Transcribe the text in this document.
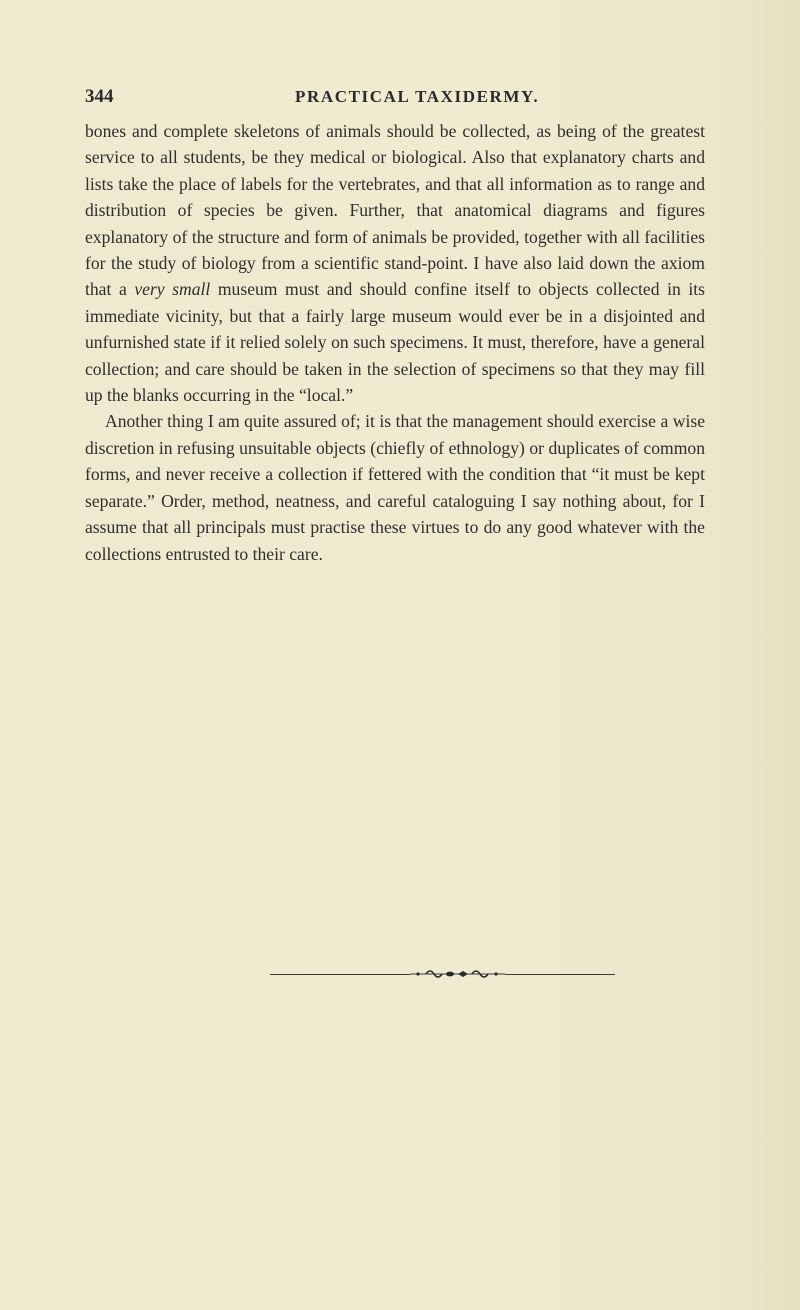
344	PRACTICAL TAXIDERMY.

bones and complete skeletons of animals should be collected, as being of the greatest service to all students, be they medical or biological. Also that explanatory charts and lists take the place of labels for the vertebrates, and that all information as to range and distribution of species be given. Further, that anatomical diagrams and figures explanatory of the structure and form of animals be provided, together with all facilities for the study of biology from a scientific stand-point. I have also laid down the axiom that a very small museum must and should confine itself to objects collected in its immediate vicinity, but that a fairly large museum would ever be in a disjointed and unfurnished state if it relied solely on such specimens. It must, therefore, have a general collection; and care should be taken in the selection of specimens so that they may fill up the blanks occurring in the “local.”

Another thing I am quite assured of; it is that the management should exercise a wise discretion in refusing unsuitable objects (chiefly of ethnology) or duplicates of common forms, and never receive a collection if fettered with the condition that “it must be kept separate.” Order, method, neatness, and careful cataloguing I say nothing about, for I assume that all principals must practise these virtues to do any good whatever with the collections entrusted to their care.
